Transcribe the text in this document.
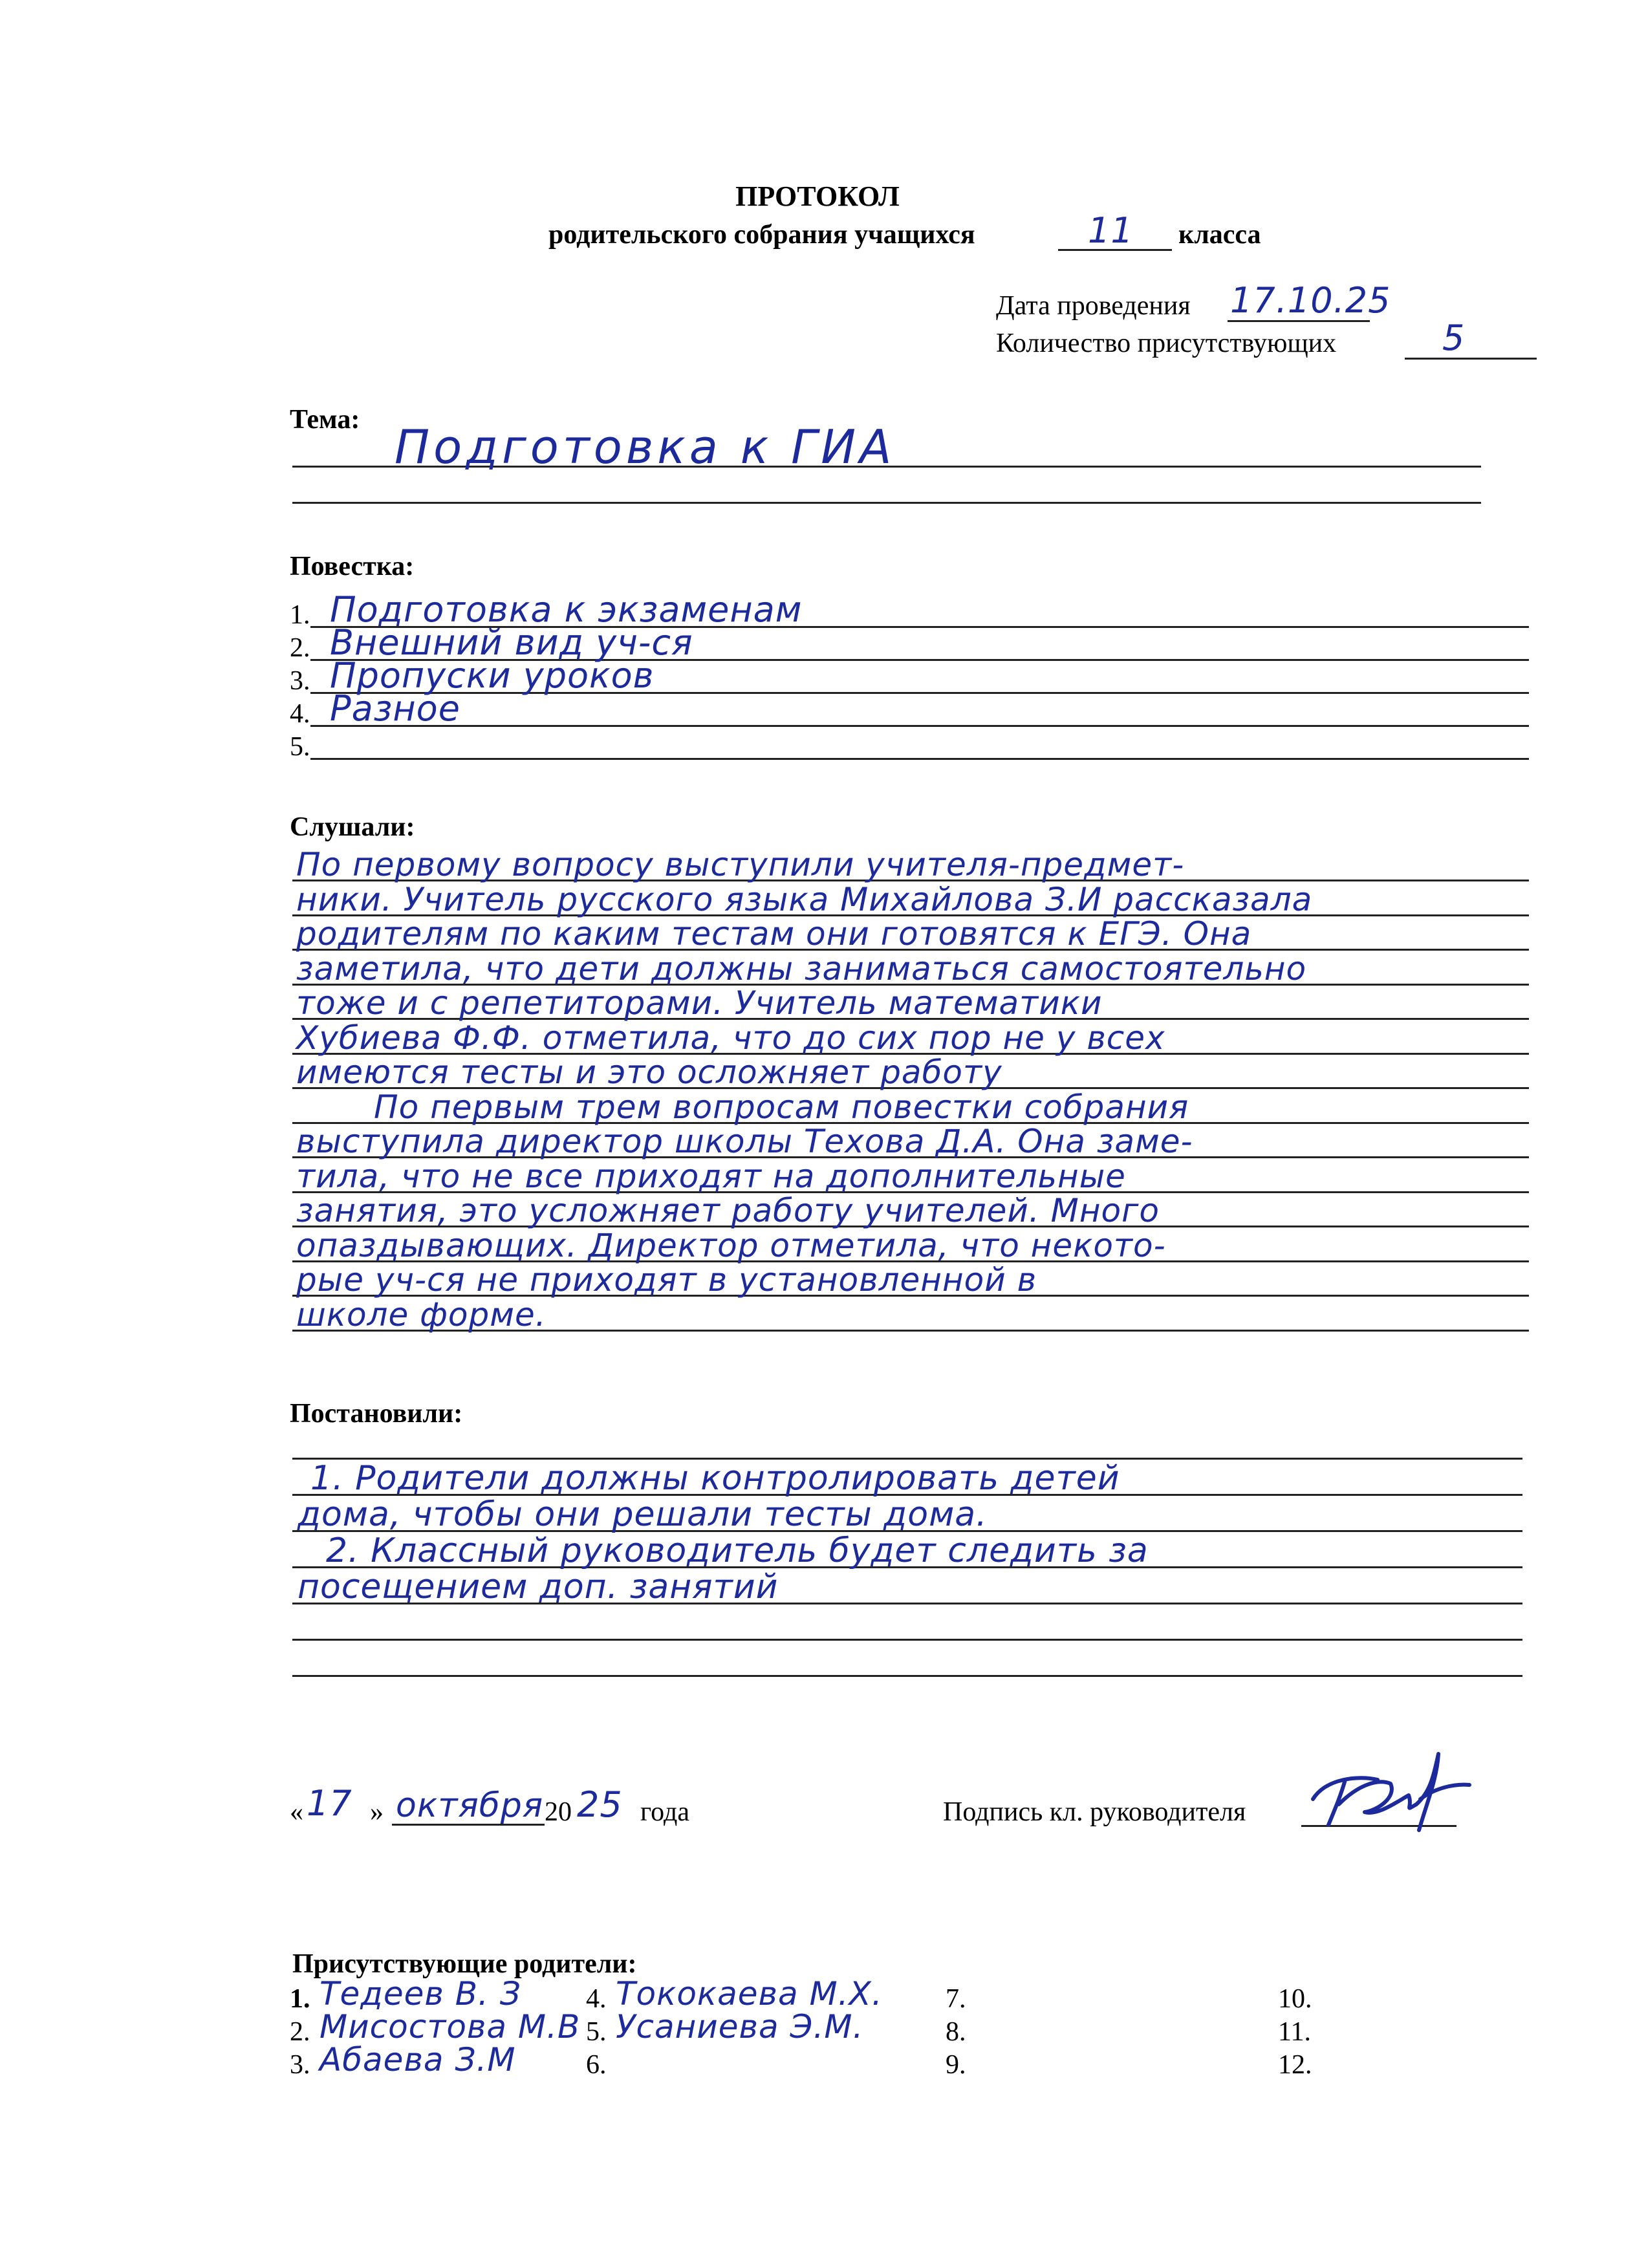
ПРОТОКОЛ
родительского собрания учащихся	11 класса
Дата проведения 17.10.25
Количество присутствующих	5
Тема: Подготовка к ГИА
Повестка:
1. Подготовка к экзаменам
2. Внешний вид уч-ся
3. Пропуски уроков
4. Разное
5.
Слушали:
По первому вопросу выступили учителя-предмет-
ники. Учитель русского языка Михайлова З.И рассказала
родителям по каким тестам они готовятся к ЕГЭ. Она
заметила, что дети должны заниматься самостоятельно
тоже и с репетиторами. Учитель математики
Хубиева Ф.Ф. отметила, что до сих пор не у всех
имеются тесты и это осложняет работу
По первым трем вопросам повестки собрания
выступила директор школы Техова Д.А. Она заме-
тила, что не все приходят на дополнительные
занятия, это усложняет работу учителей. Много
опаздывающих. Директор отметила, что некото-
рые уч-ся не приходят в установленной в
школе форме.
Постановили:
1. Родители должны контролировать детей
дома, чтобы они решали тесты дома.
2. Классный руководитель будет следить за
посещением доп. занятий
« 17 » октября 20 25 года	Подпись кл. руководителя
Присутствующие родители:
1. Тедеев В. З
2. Мисостова М.В
3. Абаева З.М
4. Тококаева М.Х.
5. Усаниева Э.М.
6.
7.
8.
9.
10.
11.
12.
